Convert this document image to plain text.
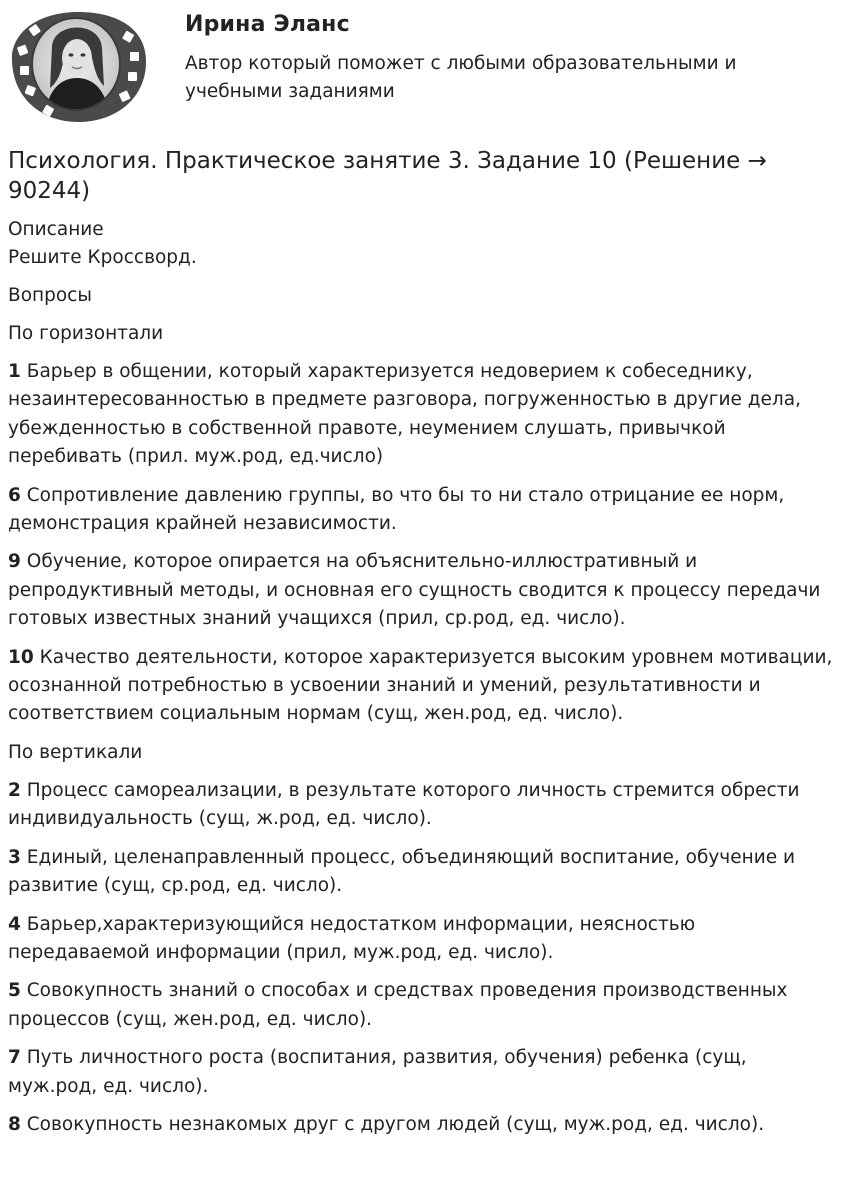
Ирина Эланс
Автор который поможет с любыми образовательными и учебными заданиями
Психология. Практическое занятие 3. Задание 10 (Решение → 90244)

Описание

Решите Кроссворд.

Вопросы

По горизонтали

1 Барьер в общении, который характеризуется недоверием к собеседнику, незаинтересованностью в предмете разговора, погруженностью в другие дела, убежденностью в собственной правоте, неумением слушать, привычкой перебивать (прил. муж.род, ед.число)

6 Сопротивление давлению группы, во что бы то ни стало отрицание ее норм, демонстрация крайней независимости.

9 Обучение, которое опирается на объяснительно-иллюстративный и репродуктивный методы, и основная его сущность сводится к процессу передачи готовых известных знаний учащихся (прил, ср.род, ед. число).

10 Качество деятельности, которое характеризуется высоким уровнем мотивации, осознанной потребностью в усвоении знаний и умений, результативности и соответствием социальным нормам (сущ, жен.род, ед. число).

По вертикали

2 Процесс самореализации, в результате которого личность стремится обрести индивидуальность (сущ, ж.род, ед. число).

3 Единый, целенаправленный процесс, объединяющий воспитание, обучение и развитие (сущ, ср.род, ед. число).

4 Барьер,характеризующийся недостатком информации, неясностью передаваемой информации (прил, муж.род, ед. число).

5 Совокупность знаний о способах и средствах проведения производственных процессов (сущ, жен.род, ед. число).

7 Путь личностного роста (воспитания, развития, обучения) ребенка (сущ, муж.род, ед. число).

8 Совокупность незнакомых друг с другом людей (сущ, муж.род, ед. число).
